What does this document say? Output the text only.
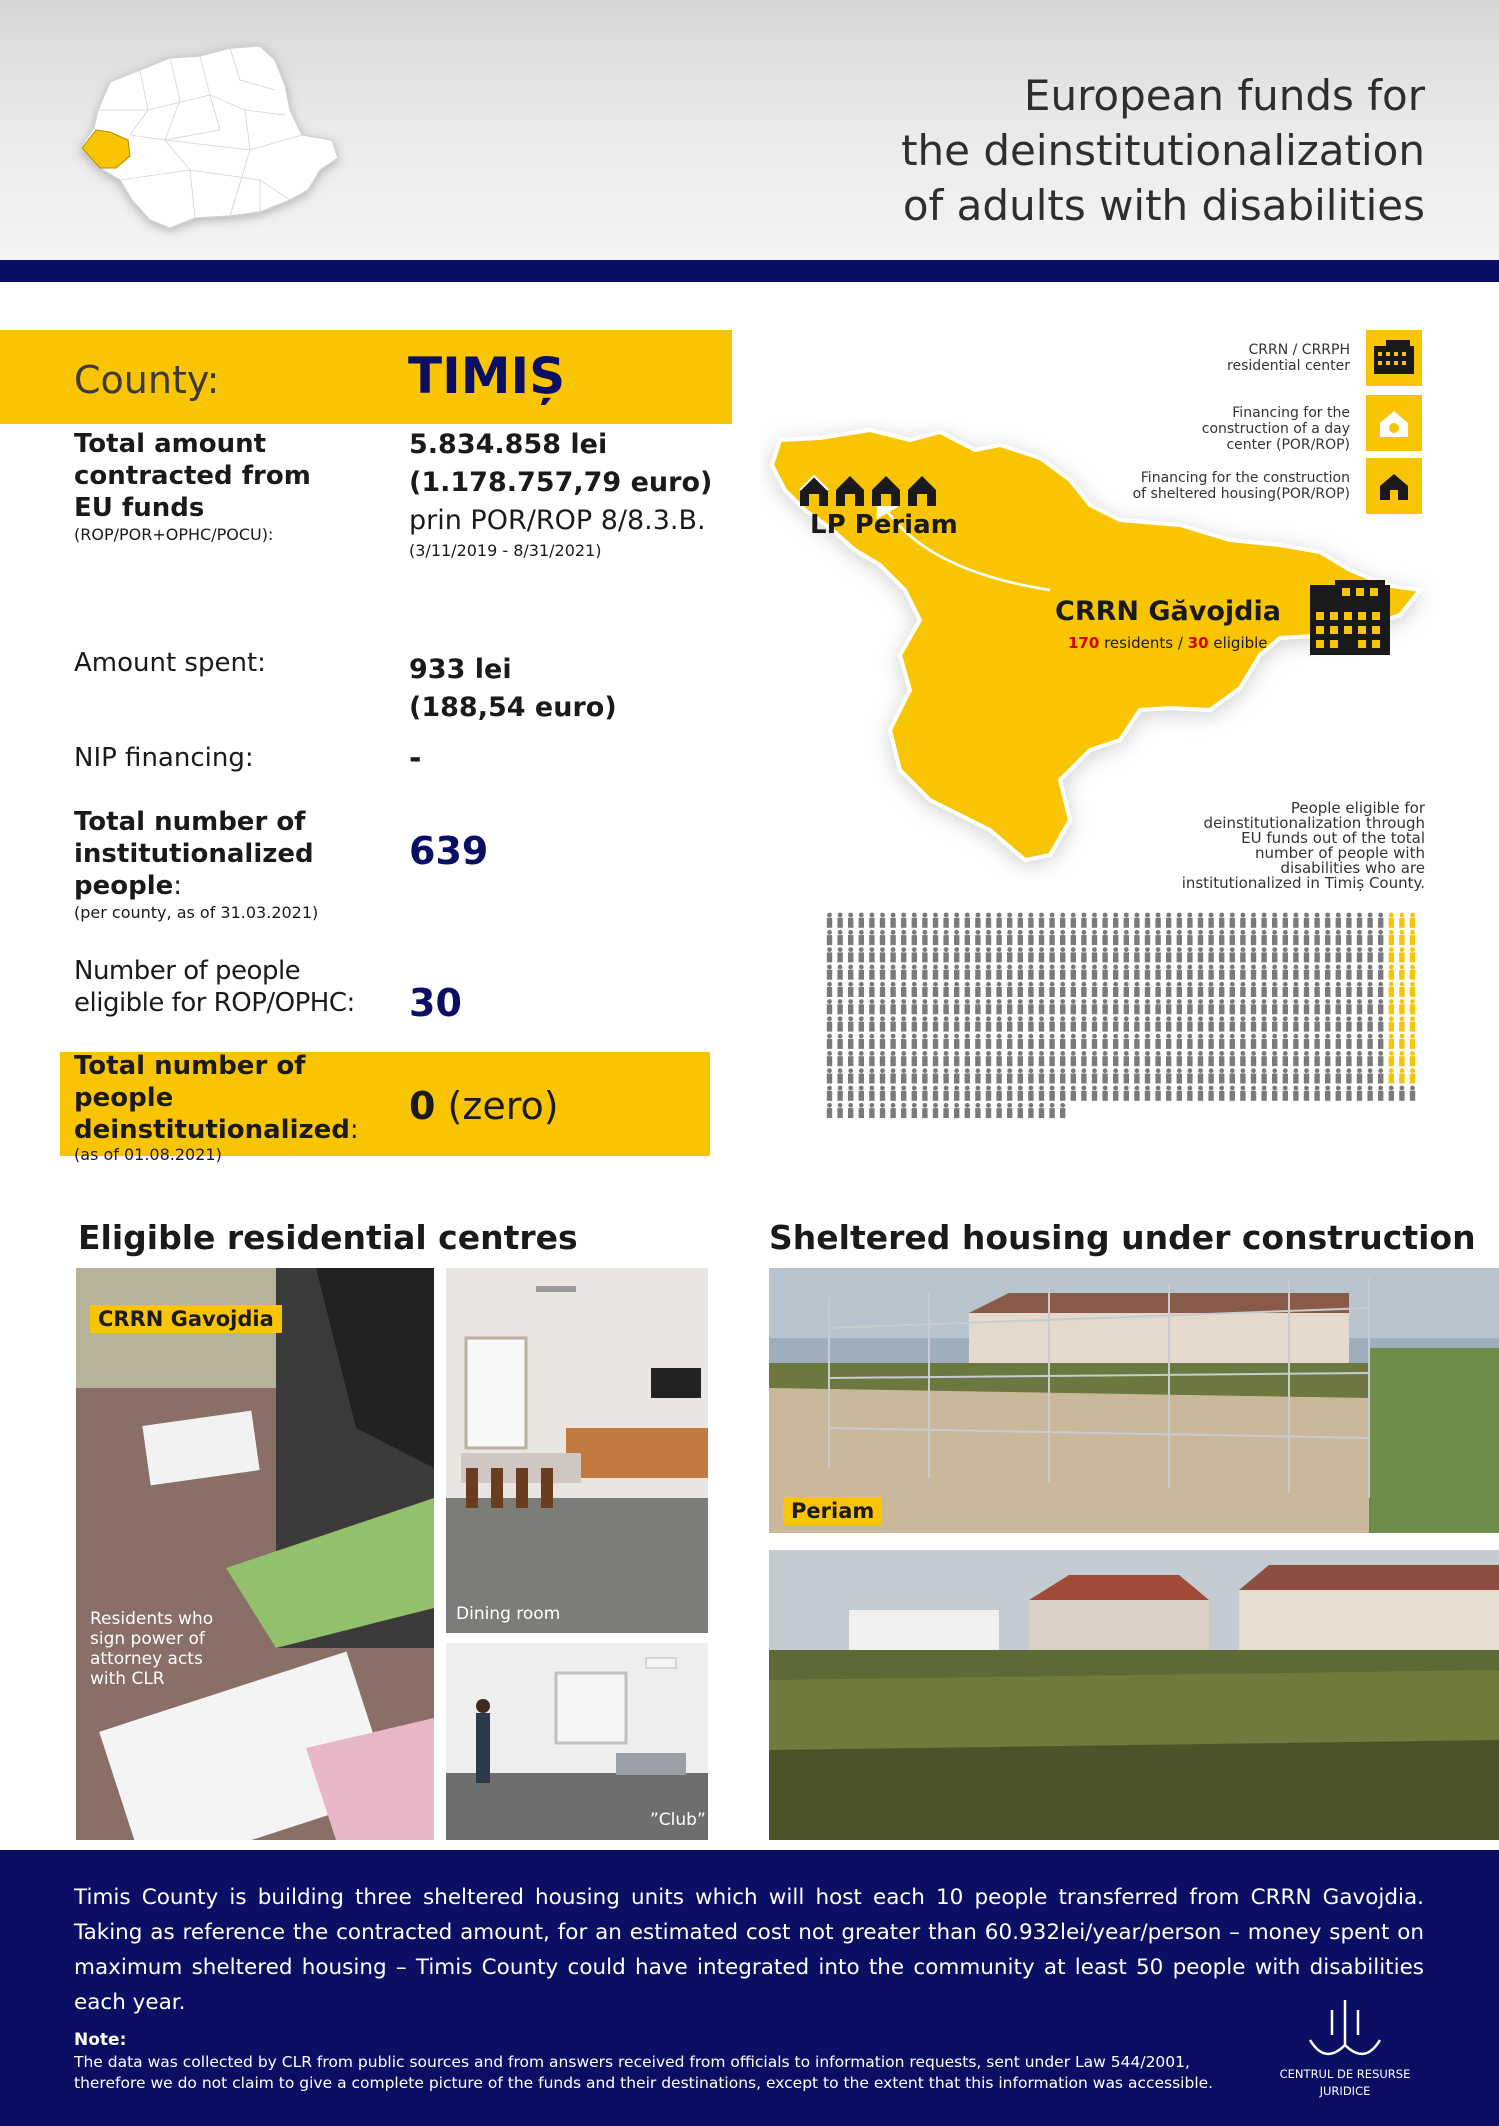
European funds for
the deinstitutionalization
of adults with disabilities
County:	TIMIȘ
Total amount
contracted from
EU funds
(ROP/POR+OPHC/POCU):
5.834.858 lei
(1.178.757,79 euro)
prin POR/ROP 8/8.3.B.
(3/11/2019 - 8/31/2021)
Amount spent:	933 lei
(188,54 euro)
NIP financing:	-
Total number of
institutionalized
people:
(per county, as of 31.03.2021)
639
Number of people
eligible for ROP/OPHC: 30
Total number of
people
deinstitutionalized:
(as of 01.08.2021)
0 (zero)
LP Periam
CRRN Găvojdia
170 residents / 30 eligible
CRRN / CRRPH
residential center
Financing for the
construction of a day
center (POR/ROP)
Financing for the construction
of sheltered housing(POR/ROP)
People eligible for
deinstitutionalization through
EU funds out of the total
number of people with
disabilities who are
institutionalized in Timiș County.
Eligible residential centres	Sheltered housing under construction
CRRN Gavojdia
Residents who
sign power of
attorney acts
with CLR
Dining room
”Club”
Periam
Timis County is building three sheltered housing units which will host each 10 people transferred from CRRN Gavojdia. Taking as reference the contracted amount, for an estimated cost not greater than 60.932lei/year/person – money spent on maximum sheltered housing – Timis County could have integrated into the community at least 50 people with disabilities each year.
Note:
The data was collected by CLR from public sources and from answers received from officials to information requests, sent under Law 544/2001,
therefore we do not claim to give a complete picture of the funds and their destinations, except to the extent that this information was accessible.	CENTRUL DE RESURSE
JURIDICE
